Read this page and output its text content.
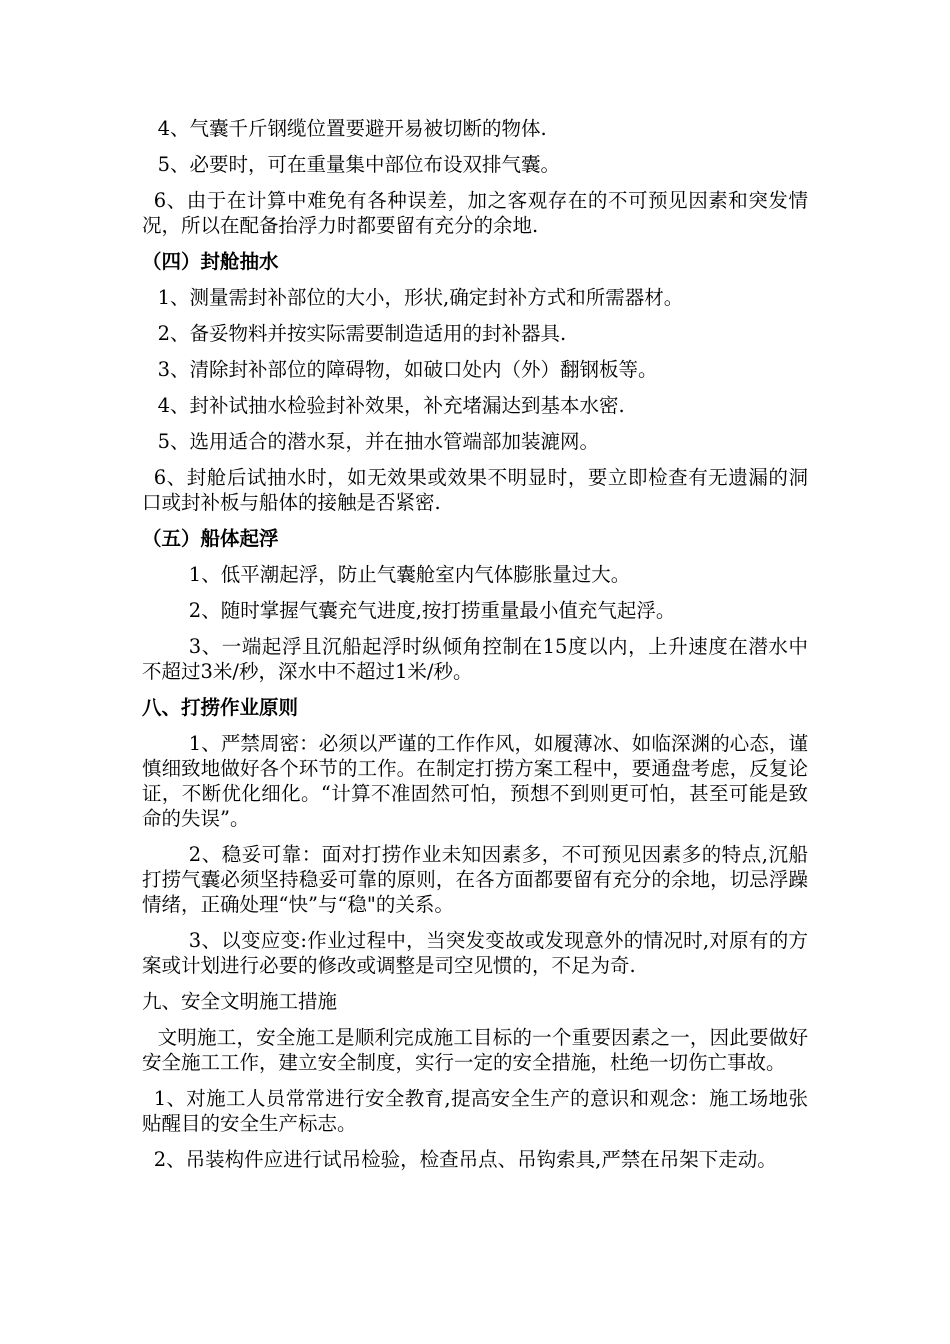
4、气囊千斤钢缆位置要避开易被切断的物体.

5、必要时，可在重量集中部位布设双排气囊。

6、由于在计算中难免有各种误差，加之客观存在的不可预见因素和突发情况，所以在配备抬浮力时都要留有充分的余地.

（四）封舱抽水

1、测量需封补部位的大小，形状,确定封补方式和所需器材。

2、备妥物料并按实际需要制造适用的封补器具.

3、清除封补部位的障碍物，如破口处内（外）翻钢板等。

4、封补试抽水检验封补效果，补充堵漏达到基本水密.

5、选用适合的潜水泵，并在抽水管端部加装漉网。

6、封舱后试抽水时，如无效果或效果不明显时，要立即检查有无遗漏的洞口或封补板与船体的接触是否紧密.

（五）船体起浮

1、低平潮起浮，防止气囊舱室内气体膨胀量过大。

2、随时掌握气囊充气进度,按打捞重量最小值充气起浮。

3、一端起浮且沉船起浮时纵倾角控制在15度以内，上升速度在潜水中不超过3米/秒，深水中不超过1米/秒。

八、打捞作业原则

1、严禁周密：必须以严谨的工作作风，如履薄冰、如临深渊的心态，谨慎细致地做好各个环节的工作。在制定打捞方案工程中，要通盘考虑，反复论证，不断优化细化。“计算不准固然可怕，预想不到则更可怕，甚至可能是致命的失误”。

2、稳妥可靠：面对打捞作业未知因素多，不可预见因素多的特点,沉船打捞气囊必须坚持稳妥可靠的原则，在各方面都要留有充分的余地，切忌浮躁情绪，正确处理“快”与“稳"的关系。

3、以变应变:作业过程中，当突发变故或发现意外的情况时,对原有的方案或计划进行必要的修改或调整是司空见惯的，不足为奇.

九、安全文明施工措施

文明施工，安全施工是顺利完成施工目标的一个重要因素之一，因此要做好安全施工工作，建立安全制度，实行一定的安全措施，杜绝一切伤亡事故。

1、对施工人员常常进行安全教育,提高安全生产的意识和观念：施工场地张贴醒目的安全生产标志。

2、吊装构件应进行试吊检验，检查吊点、吊钩索具,严禁在吊架下走动。
